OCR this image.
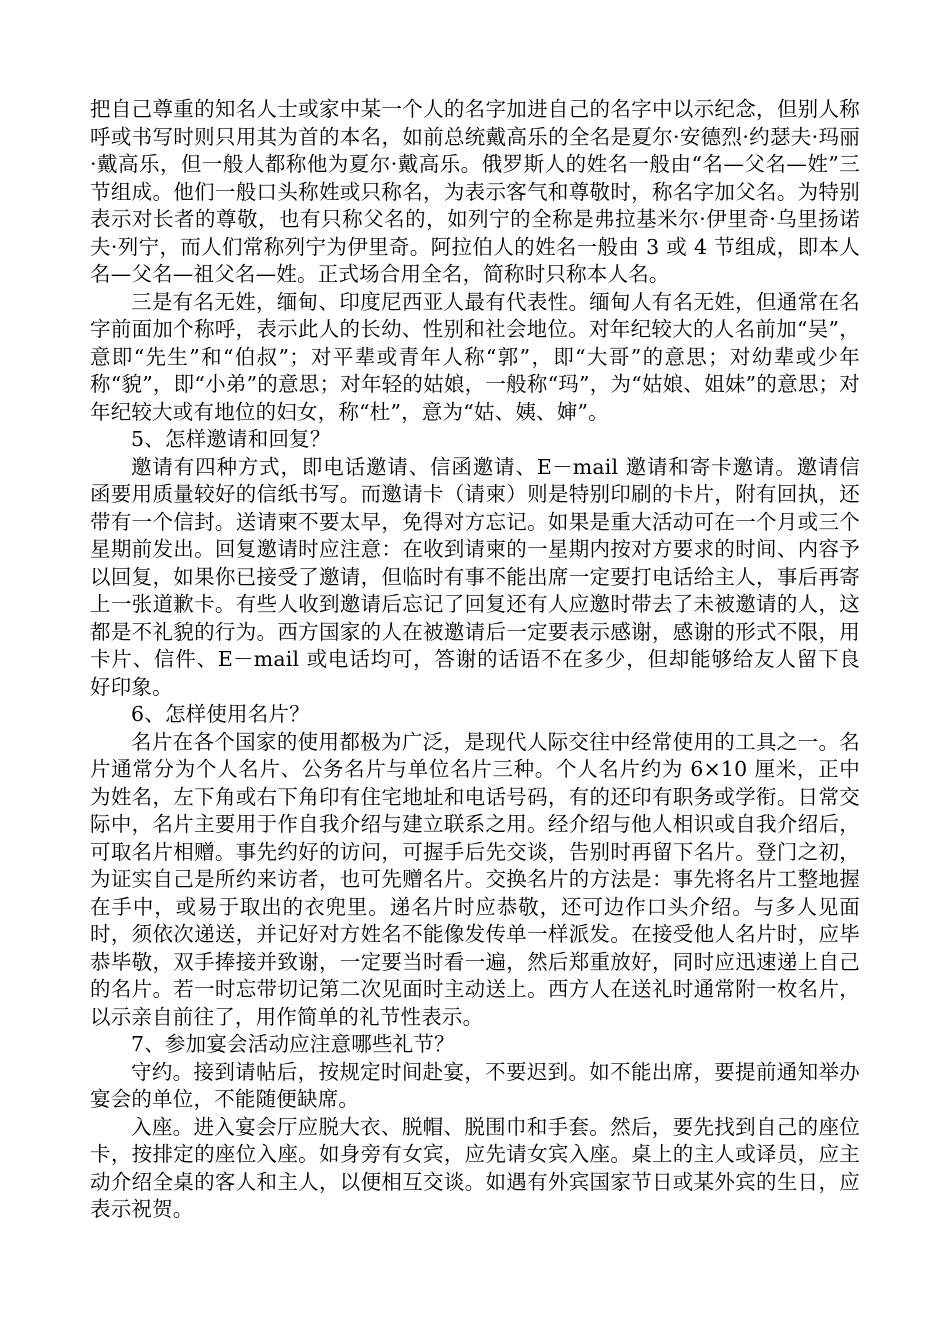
把自己尊重的知名人士或家中某一个人的名字加进自己的名字中以示纪念，但别人称呼或书写时则只用其为首的本名，如前总统戴高乐的全名是夏尔·安德烈·约瑟夫·玛丽·戴高乐，但一般人都称他为夏尔·戴高乐。俄罗斯人的姓名一般由“名—父名—姓”三节组成。他们一般口头称姓或只称名，为表示客气和尊敬时，称名字加父名。为特别表示对长者的尊敬，也有只称父名的，如列宁的全称是弗拉基米尔·伊里奇·乌里扬诺夫·列宁，而人们常称列宁为伊里奇。阿拉伯人的姓名一般由 3 或 4 节组成，即本人名—父名—祖父名—姓。正式场合用全名，简称时只称本人名。

三是有名无姓，缅甸、印度尼西亚人最有代表性。缅甸人有名无姓，但通常在名字前面加个称呼，表示此人的长幼、性别和社会地位。对年纪较大的人名前加“吴”，意即“先生”和“伯叔”；对平辈或青年人称“郭”，即“大哥”的意思；对幼辈或少年称“貌”，即“小弟”的意思；对年轻的姑娘，一般称“玛”，为“姑娘、姐妹”的意思；对年纪较大或有地位的妇女，称“杜”，意为“姑、姨、婶”。

5、怎样邀请和回复？

邀请有四种方式，即电话邀请、信函邀请、E－mail 邀请和寄卡邀请。邀请信函要用质量较好的信纸书写。而邀请卡（请柬）则是特别印刷的卡片，附有回执，还带有一个信封。送请柬不要太早，免得对方忘记。如果是重大活动可在一个月或三个星期前发出。回复邀请时应注意：在收到请柬的一星期内按对方要求的时间、内容予以回复，如果你已接受了邀请，但临时有事不能出席一定要打电话给主人，事后再寄上一张道歉卡。有些人收到邀请后忘记了回复还有人应邀时带去了未被邀请的人，这都是不礼貌的行为。西方国家的人在被邀请后一定要表示感谢，感谢的形式不限，用卡片、信件、E－mail 或电话均可，答谢的话语不在多少，但却能够给友人留下良好印象。

6、怎样使用名片？

名片在各个国家的使用都极为广泛，是现代人际交往中经常使用的工具之一。名片通常分为个人名片、公务名片与单位名片三种。个人名片约为 6×10 厘米，正中为姓名，左下角或右下角印有住宅地址和电话号码，有的还印有职务或学衔。日常交际中，名片主要用于作自我介绍与建立联系之用。经介绍与他人相识或自我介绍后，可取名片相赠。事先约好的访问，可握手后先交谈，告别时再留下名片。登门之初，为证实自己是所约来访者，也可先赠名片。交换名片的方法是：事先将名片工整地握在手中，或易于取出的衣兜里。递名片时应恭敬，还可边作口头介绍。与多人见面时，须依次递送，并记好对方姓名不能像发传单一样派发。在接受他人名片时，应毕恭毕敬，双手捧接并致谢，一定要当时看一遍，然后郑重放好，同时应迅速递上自己的名片。若一时忘带切记第二次见面时主动送上。西方人在送礼时通常附一枚名片，以示亲自前往了，用作简单的礼节性表示。

7、参加宴会活动应注意哪些礼节？

守约。接到请帖后，按规定时间赴宴，不要迟到。如不能出席，要提前通知举办宴会的单位，不能随便缺席。

入座。进入宴会厅应脱大衣、脱帽、脱围巾和手套。然后，要先找到自己的座位卡，按排定的座位入座。如身旁有女宾，应先请女宾入座。桌上的主人或译员，应主动介绍全桌的客人和主人，以便相互交谈。如遇有外宾国家节日或某外宾的生日，应表示祝贺。
